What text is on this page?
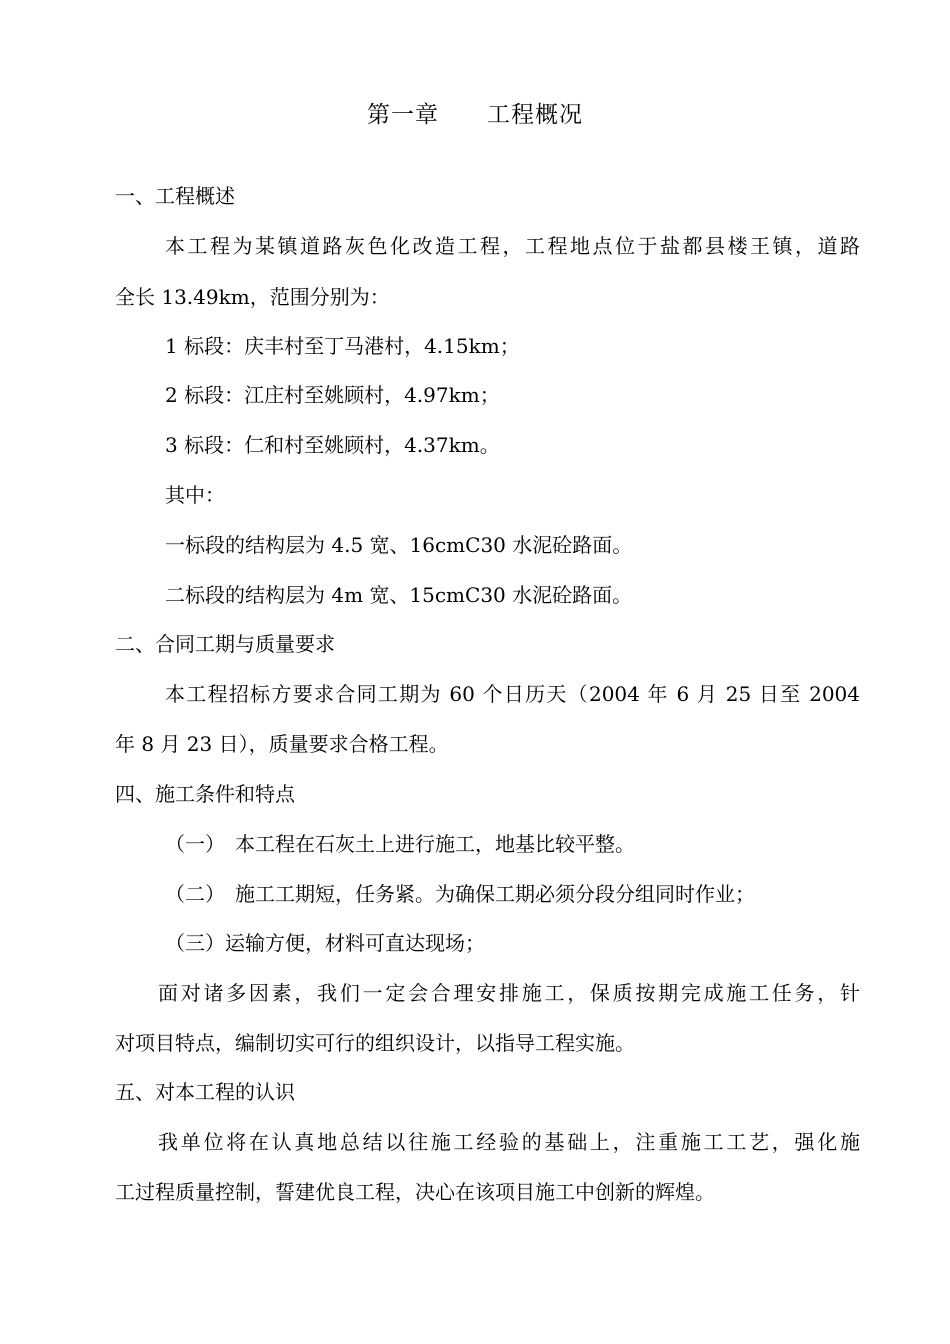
第一章　　工程概况
一、工程概述
本工程为某镇道路灰色化改造工程，工程地点位于盐都县楼王镇，道路
全长 13.49km，范围分别为：
1 标段：庆丰村至丁马港村，4.15km；
2 标段：江庄村至姚顾村，4.97km；
3 标段：仁和村至姚顾村，4.37km。
其中：
一标段的结构层为 4.5 宽、16cmC30 水泥砼路面。
二标段的结构层为 4m 宽、15cmC30 水泥砼路面。
二、合同工期与质量要求
本工程招标方要求合同工期为 60 个日历天（2004 年 6 月 25 日至 2004
年 8 月 23 日），质量要求合格工程。
四、施工条件和特点
（一）　本工程在石灰土上进行施工，地基比较平整。
（二）　施工工期短，任务紧。为确保工期必须分段分组同时作业；
（三）运输方便，材料可直达现场；
面对诸多因素，我们一定会合理安排施工，保质按期完成施工任务，针
对项目特点，编制切实可行的组织设计，以指导工程实施。
五、对本工程的认识
我单位将在认真地总结以往施工经验的基础上，注重施工工艺，强化施
工过程质量控制，誓建优良工程，决心在该项目施工中创新的辉煌。
